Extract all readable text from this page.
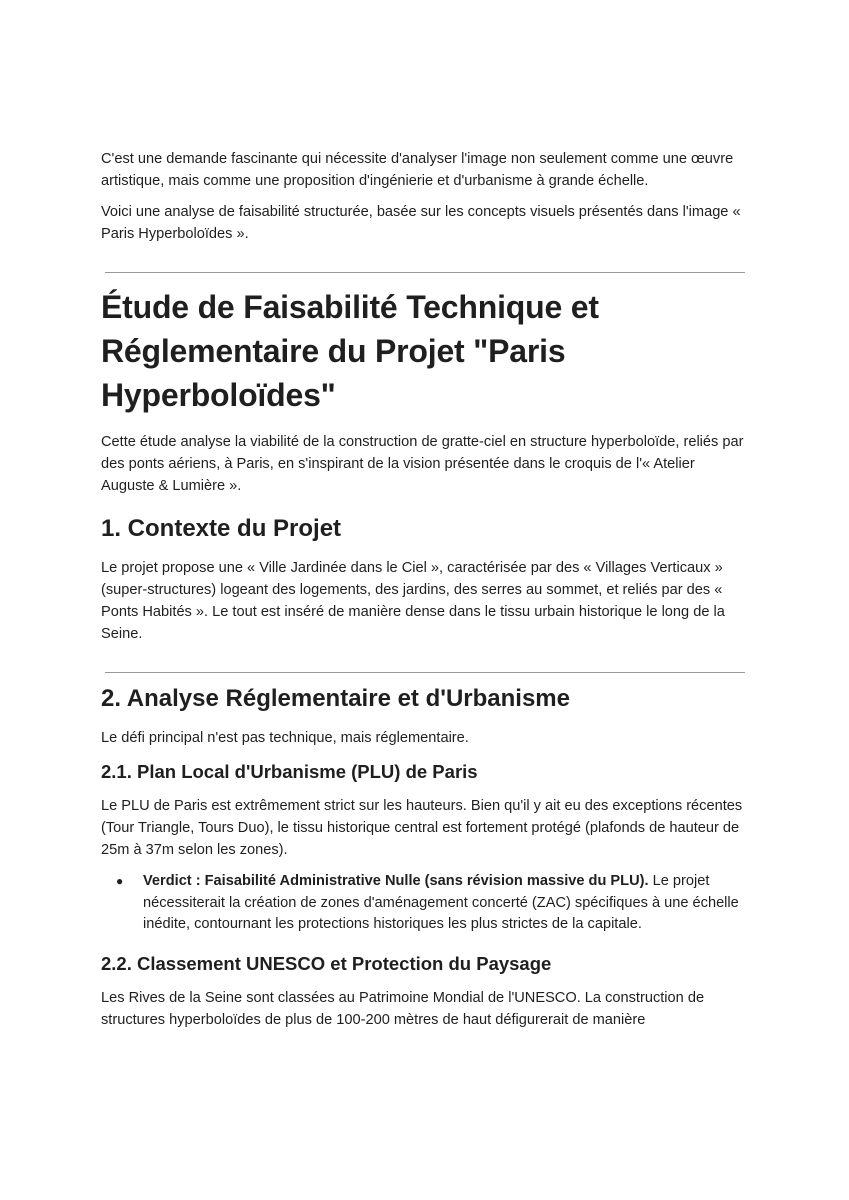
C'est une demande fascinante qui nécessite d'analyser l'image non seulement comme une œuvre artistique, mais comme une proposition d'ingénierie et d'urbanisme à grande échelle.

Voici une analyse de faisabilité structurée, basée sur les concepts visuels présentés dans l'image « Paris Hyperboloïdes ».

Étude de Faisabilité Technique et Réglementaire du Projet "Paris Hyperboloïdes"

Cette étude analyse la viabilité de la construction de gratte-ciel en structure hyperboloïde, reliés par des ponts aériens, à Paris, en s'inspirant de la vision présentée dans le croquis de l'« Atelier Auguste & Lumière ».

1. Contexte du Projet

Le projet propose une « Ville Jardinée dans le Ciel », caractérisée par des « Villages Verticaux » (super-structures) logeant des logements, des jardins, des serres au sommet, et reliés par des « Ponts Habités ». Le tout est inséré de manière dense dans le tissu urbain historique le long de la Seine.

2. Analyse Réglementaire et d'Urbanisme

Le défi principal n'est pas technique, mais réglementaire.

2.1. Plan Local d'Urbanisme (PLU) de Paris

Le PLU de Paris est extrêmement strict sur les hauteurs. Bien qu'il y ait eu des exceptions récentes (Tour Triangle, Tours Duo), le tissu historique central est fortement protégé (plafonds de hauteur de 25m à 37m selon les zones).

● Verdict : Faisabilité Administrative Nulle (sans révision massive du PLU). Le projet nécessiterait la création de zones d'aménagement concerté (ZAC) spécifiques à une échelle inédite, contournant les protections historiques les plus strictes de la capitale.
2.2. Classement UNESCO et Protection du Paysage

Les Rives de la Seine sont classées au Patrimoine Mondial de l'UNESCO. La construction de structures hyperboloïdes de plus de 100-200 mètres de haut défigurerait de manière
